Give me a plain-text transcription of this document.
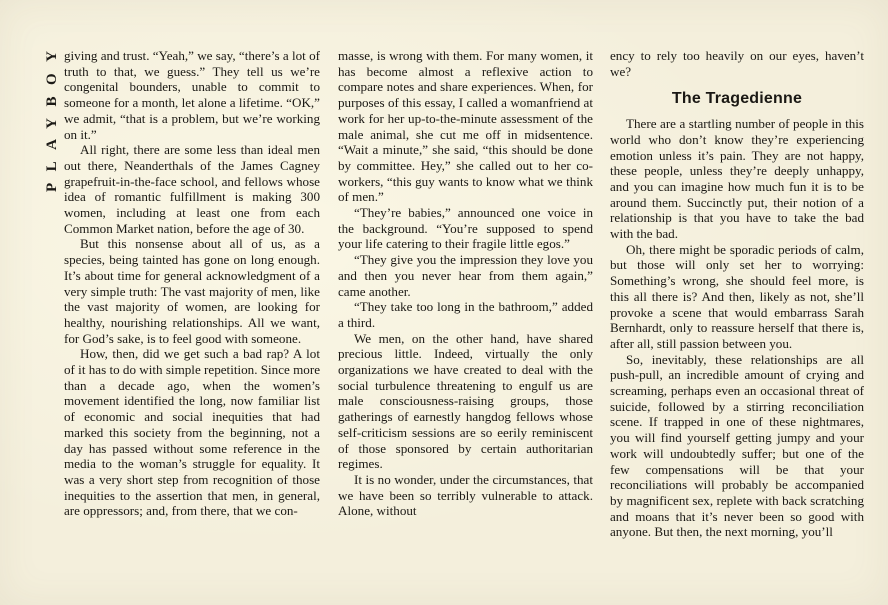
PLAYBOY giving and trust. “Yeah,” we say, “there’s a lot of truth to that, we guess.” They tell us we’re congenital bounders, unable to commit to someone for a month, let alone a lifetime. “OK,” we admit, “that is a problem, but we’re working on it.”

All right, there are some less than ideal men out there, Neanderthals of the James Cagney grapefruit-in-the-face school, and fellows whose idea of romantic fulfillment is making 300 women, including at least one from each Common Market nation, before the age of 30.

But this nonsense about all of us, as a species, being tainted has gone on long enough. It’s about time for general acknowledgment of a very simple truth: The vast majority of men, like the vast majority of women, are looking for healthy, nourishing relationships. All we want, for God’s sake, is to feel good with someone.

How, then, did we get such a bad rap? A lot of it has to do with simple repetition. Since more than a decade ago, when the women’s movement identified the long, now familiar list of economic and social inequities that had marked this society from the beginning, not a day has passed without some reference in the media to the woman’s struggle for equality. It was a very short step from recognition of those inequities to the assertion that men, in general, are oppressors; and, from there, that we con-

masse, is wrong with them. For many women, it has become almost a reflexive action to compare notes and share experiences. When, for purposes of this essay, I called a womanfriend at work for her up-to-the-minute assessment of the male animal, she cut me off in midsentence. “Wait a minute,” she said, “this should be done by committee. Hey,” she called out to her co-workers, “this guy wants to know what we think of men.”

“They’re babies,” announced one voice in the background. “You’re supposed to spend your life catering to their fragile little egos.”

“They give you the impression they love you and then you never hear from them again,” came another.

“They take too long in the bathroom,” added a third.

We men, on the other hand, have shared precious little. Indeed, virtually the only organizations we have created to deal with the social turbulence threatening to engulf us are male consciousness-raising groups, those gatherings of earnestly hangdog fellows whose self-criticism sessions are so eerily reminiscent of those sponsored by certain authoritarian regimes.

It is no wonder, under the circumstances, that we have been so terribly vulnerable to attack. Alone, without

ency to rely too heavily on our eyes, haven’t we?

The Tragedienne

There are a startling number of people in this world who don’t know they’re experiencing emotion unless it’s pain. They are not happy, these people, unless they’re deeply unhappy, and you can imagine how much fun it is to be around them. Succinctly put, their notion of a relationship is that you have to take the bad with the bad.

Oh, there might be sporadic periods of calm, but those will only set her to worrying: Something’s wrong, she should feel more, is this all there is? And then, likely as not, she’ll provoke a scene that would embarrass Sarah Bernhardt, only to reassure herself that there is, after all, still passion between you.

So, inevitably, these relationships are all push-pull, an incredible amount of crying and screaming, perhaps even an occasional threat of suicide, followed by a stirring reconciliation scene. If trapped in one of these nightmares, you will find yourself getting jumpy and your work will undoubtedly suffer; but one of the few compensations will be that your reconciliations will probably be accompanied by magnificent sex, replete with back scratching and moans that it’s never been so good with anyone. But then, the next morning, you’ll
